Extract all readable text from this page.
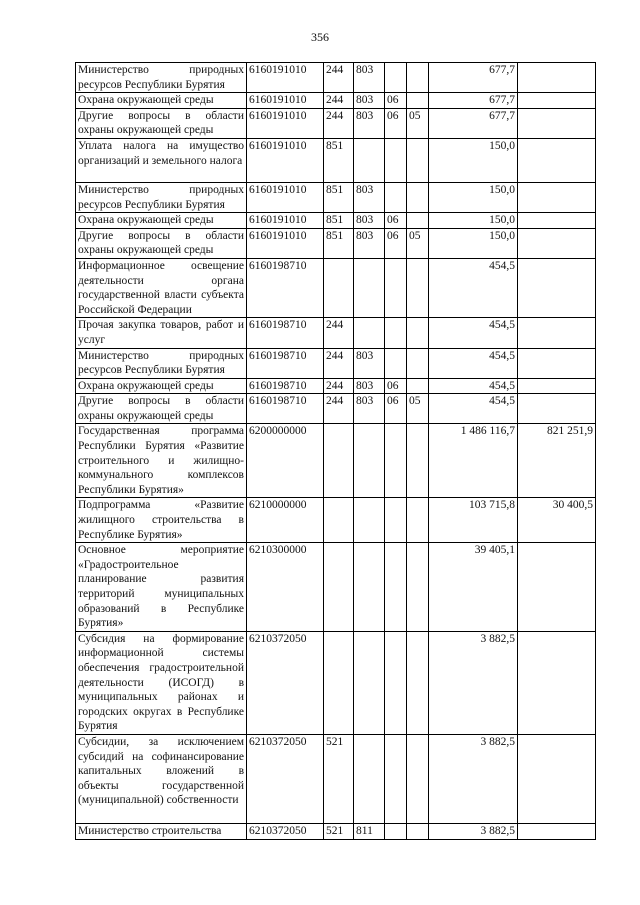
356
Министерство природных ресурсов Республики Бурятия	6160191010	244	803			677,7	
Охрана окружающей среды	6160191010	244	803	06		677,7	
Другие вопросы в области охраны окружающей среды	6160191010	244	803	06	05	677,7	
Уплата налога на имущество организаций и земельного налога	6160191010	851				150,0	
Министерство природных ресурсов Республики Бурятия	6160191010	851	803			150,0	
Охрана окружающей среды	6160191010	851	803	06		150,0	
Другие вопросы в области охраны окружающей среды	6160191010	851	803	06	05	150,0	
Информационное освещение деятельности органа государственной власти субъекта Российской Федерации	6160198710					454,5	
Прочая закупка товаров, работ и услуг	6160198710	244				454,5	
Министерство природных ресурсов Республики Бурятия	6160198710	244	803			454,5	
Охрана окружающей среды	6160198710	244	803	06		454,5	
Другие вопросы в области охраны окружающей среды	6160198710	244	803	06	05	454,5	
Государственная программа Республики Бурятия «Развитие строительного и жилищно-коммунального комплексов Республики Бурятия»	6200000000					1 486 116,7	821 251,9
Подпрограмма «Развитие жилищного строительства в Республике Бурятия»	6210000000					103 715,8	30 400,5
Основное мероприятие «Градостроительное планирование развития территорий муниципальных образований в Республике Бурятия»	6210300000					39 405,1	
Субсидия на формирование информационной системы обеспечения градостроительной деятельности (ИСОГД) в муниципальных районах и городских округах в Республике Бурятия	6210372050					3 882,5	
Субсидии, за исключением субсидий на софинансирование капитальных вложений в объекты государственной (муниципальной) собственности	6210372050	521				3 882,5	
Министерство строительства	6210372050	521	811			3 882,5	
